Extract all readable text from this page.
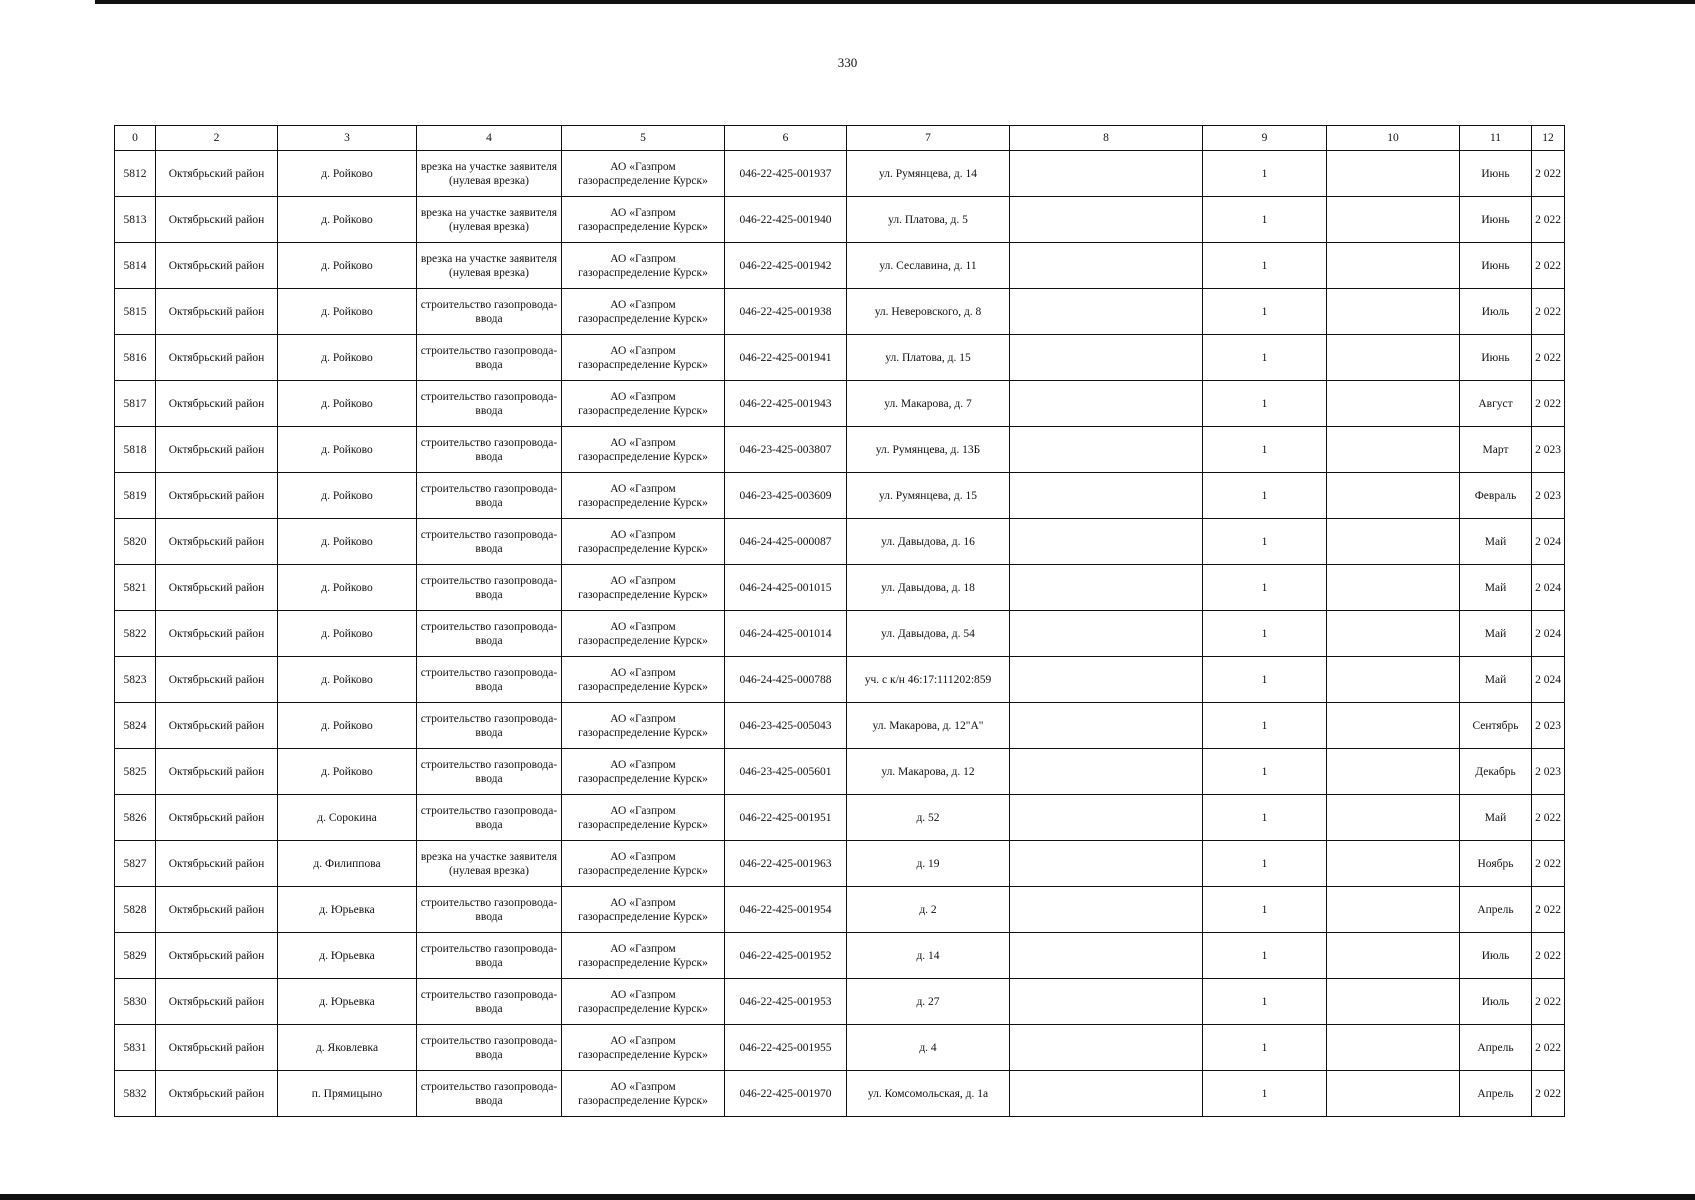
330
0	2	3	4	5	6	7	8	9	10	11	12
5812	Октябрьский район	д. Ройково	врезка на участке заявителя (нулевая врезка)	АО «Газпром газораспределение Курск»	046-22-425-001937	ул. Румянцева, д. 14		1		Июнь	2 022
5813	Октябрьский район	д. Ройково	врезка на участке заявителя (нулевая врезка)	АО «Газпром газораспределение Курск»	046-22-425-001940	ул. Платова, д. 5		1		Июнь	2 022
5814	Октябрьский район	д. Ройково	врезка на участке заявителя (нулевая врезка)	АО «Газпром газораспределение Курск»	046-22-425-001942	ул. Сеславина, д. 11		1		Июнь	2 022
5815	Октябрьский район	д. Ройково	строительство газопровода-ввода	АО «Газпром газораспределение Курск»	046-22-425-001938	ул. Неверовского, д. 8		1		Июль	2 022
5816	Октябрьский район	д. Ройково	строительство газопровода-ввода	АО «Газпром газораспределение Курск»	046-22-425-001941	ул. Платова, д. 15		1		Июнь	2 022
5817	Октябрьский район	д. Ройково	строительство газопровода-ввода	АО «Газпром газораспределение Курск»	046-22-425-001943	ул. Макарова, д. 7		1		Август	2 022
5818	Октябрьский район	д. Ройково	строительство газопровода-ввода	АО «Газпром газораспределение Курск»	046-23-425-003807	ул. Румянцева, д. 13Б		1		Март	2 023
5819	Октябрьский район	д. Ройково	строительство газопровода-ввода	АО «Газпром газораспределение Курск»	046-23-425-003609	ул. Румянцева, д. 15		1		Февраль	2 023
5820	Октябрьский район	д. Ройково	строительство газопровода-ввода	АО «Газпром газораспределение Курск»	046-24-425-000087	ул. Давыдова, д. 16		1		Май	2 024
5821	Октябрьский район	д. Ройково	строительство газопровода-ввода	АО «Газпром газораспределение Курск»	046-24-425-001015	ул. Давыдова, д. 18		1		Май	2 024
5822	Октябрьский район	д. Ройково	строительство газопровода-ввода	АО «Газпром газораспределение Курск»	046-24-425-001014	ул. Давыдова, д. 54		1		Май	2 024
5823	Октябрьский район	д. Ройково	строительство газопровода-ввода	АО «Газпром газораспределение Курск»	046-24-425-000788	уч. с к/н 46:17:111202:859		1		Май	2 024
5824	Октябрьский район	д. Ройково	строительство газопровода-ввода	АО «Газпром газораспределение Курск»	046-23-425-005043	ул. Макарова, д. 12"А"		1		Сентябрь	2 023
5825	Октябрьский район	д. Ройково	строительство газопровода-ввода	АО «Газпром газораспределение Курск»	046-23-425-005601	ул. Макарова, д. 12		1		Декабрь	2 023
5826	Октябрьский район	д. Сорокина	строительство газопровода-ввода	АО «Газпром газораспределение Курск»	046-22-425-001951	д. 52		1		Май	2 022
5827	Октябрьский район	д. Филиппова	врезка на участке заявителя (нулевая врезка)	АО «Газпром газораспределение Курск»	046-22-425-001963	д. 19		1		Ноябрь	2 022
5828	Октябрьский район	д. Юрьевка	строительство газопровода-ввода	АО «Газпром газораспределение Курск»	046-22-425-001954	д. 2		1		Апрель	2 022
5829	Октябрьский район	д. Юрьевка	строительство газопровода-ввода	АО «Газпром газораспределение Курск»	046-22-425-001952	д. 14		1		Июль	2 022
5830	Октябрьский район	д. Юрьевка	строительство газопровода-ввода	АО «Газпром газораспределение Курск»	046-22-425-001953	д. 27		1		Июль	2 022
5831	Октябрьский район	д. Яковлевка	строительство газопровода-ввода	АО «Газпром газораспределение Курск»	046-22-425-001955	д. 4		1		Апрель	2 022
5832	Октябрьский район	п. Прямицыно	строительство газопровода-ввода	АО «Газпром газораспределение Курск»	046-22-425-001970	ул. Комсомольская, д. 1а		1		Апрель	2 022
